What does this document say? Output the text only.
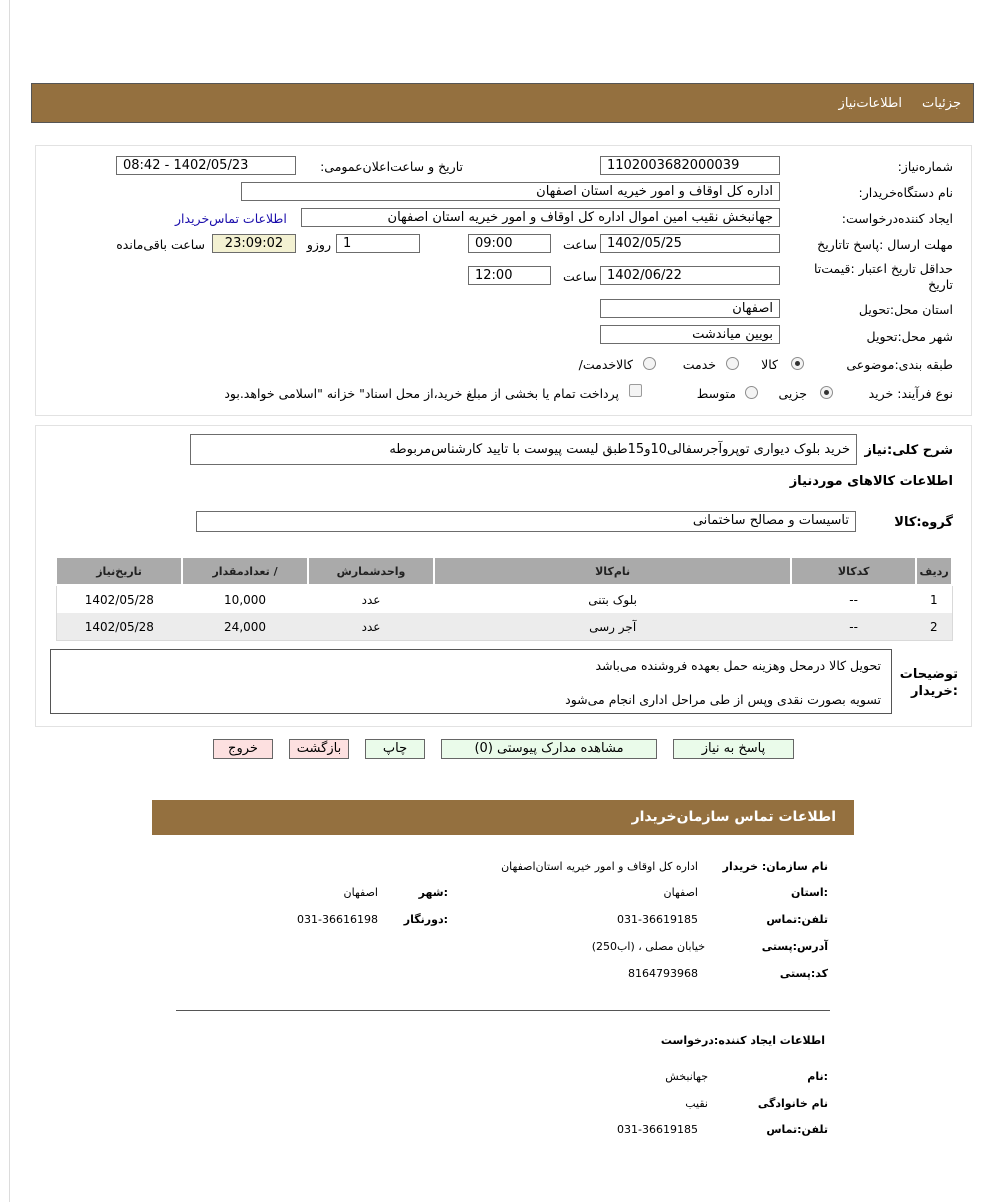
جزئیات
اطلاعات‌نیاز
شماره‌نیاز:
1102003682000039
تاریخ و ساعت‌اعلان‌عمومی:
1402/05/23 - 08:42
نام دستگاه‌خریدار:
اداره کل اوقاف و امور خیریه استان اصفهان
ایجاد کننده‌درخواست:
جهانبخش نقیب امین اموال اداره کل اوقاف و امور خیریه استان اصفهان
اطلاعات تماس‌خریدار
مهلت ارسال :پاسخ تا‌تاریخ
1402/05/25
ساعت
09:00
1
روزو
23:09:02
ساعت باقی‌مانده
حداقل تاریخ اعتبار :قیمت‌تا تاریخ
1402/06/22
ساعت
12:00
استان محل:تحویل
اصفهان
شهر محل:تحویل
بویین میاندشت
طبقه بندی:موضوعی
کالا
خدمت
کالاخدمت/
نوع فرآیند: خرید
جزیی
متوسط
پرداخت تمام یا بخشی از مبلغ خرید،از محل اسناد" خزانه "اسلامی خواهد.بود
شرح کلی:نیاز
خرید بلوک دیواری توپروآجرسفالی10و15طبق لیست پیوست با تایید کارشناس‌مربوطه
اطلاعات کالاهای موردنیاز
گروه:کالا
تاسیسات و مصالح ساختمانی
ردیف	کدکالا	نام‌کالا	واحدشمارش	/ تعدادمقدار	تاریخ‌نیاز
1	--	بلوک بتنی	عدد	10,000	1402/05/28
2	--	آجر رسی	عدد	24,000	1402/05/28
توضیحات :خریدار
تحویل کالا درمحل وهزینه حمل بعهده فروشنده می‌باشد
تسویه بصورت نقدی وپس از طی مراحل اداری انجام می‌شود
پاسخ به نیاز
مشاهده مدارک پیوستی (0)
چاپ
بازگشت
خروج
اطلاعات تماس سازمان‌خریدار
نام سازمان: خریدار
اداره کل اوقاف و امور خیریه استان‌اصفهان
:استان
اصفهان
:شهر
اصفهان
تلفن:تماس
031-36619185
:دورنگار
031-36616198
آدرس:پستی
خیابان مصلی ، (اب250)
کد:پستی
8164793968
اطلاعات ایجاد کننده:درخواست
:نام
جهانبخش
نام خانوادگی
نقیب
تلفن:تماس
031-36619185
